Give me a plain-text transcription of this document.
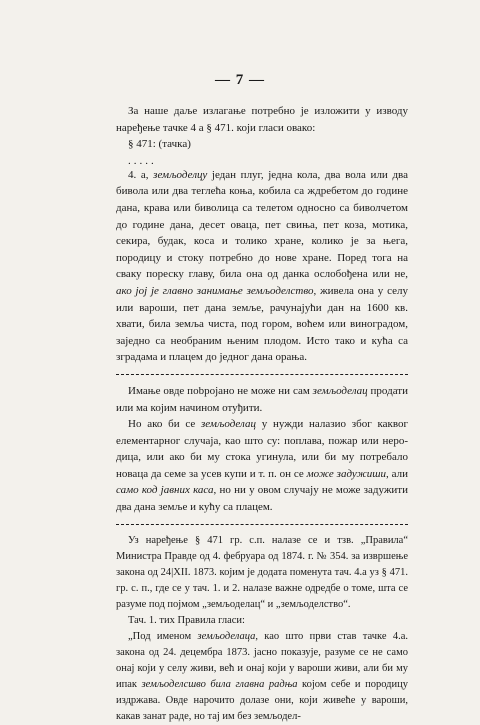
— 7 —

За наше даље излагање потребно је изложити у изводу наређење тачке 4 а § 471. који гласи овако:

§ 471: (тачка)

.....

4. а, земљоделцу један плуг, једна кола, два вола или два бивола или два теглећа коња, кобила са ждребетом до године дана, крава или биволица са телетом односно са биволчетом до године дана, десет оваца, пет свиња, пет коза, мотика, секира, будак, коса и толико хране, колико је за њега, породицу и стоку потребно до нове хране. Поред тога на сваку пореску главу, била она од данка ослобођена или не, ако јој је главно занимање земљоделство, живела она у селу или вароши, пет дана земље, рачунајући дан на 1600 кв. хвати, била земља чиста, под гором, воћем или виноградом, заједно са необраним њеним плодом. Исто тако и кућа са зградама и плацем до једног дана орања.

Имање овде пobројано не може ни сам земљоделац продати или ма којим начином отуђити.

Но ако би се земљоделац у нужди налазио због каквог елементарног случаја, као што су: поплава, пожар или неродица, или ако би му стока угинула, или би му потребало новаца да семе за усев купи и т. п. он се може задужиши, али само код јавних каса, но ни у овом случају не може задужити два дана земље и кућу са плацем.

Уз наређење § 471 гр. с.п. налазе се и тзв. „Правила“ Министра Правде од 4. фебруара од 1874. г. № 354. за извршење закона од 24|XII. 1873. којим је додата поменута тач. 4.а уз § 471. гр. с. п., где се у тач. 1. и 2. налазе важне одредбе о томе, шта се разуме под појмом „земљоделац“ и „земљоделство“.

Тач. 1. тих Правила гласи:

„Под именом земљоделаца, као што први став тачке 4.а. закона од 24. децембра 1873. јасно показује, разуме се не само онај који у селу живи, већ и онај који у вароши живи, али би му ипак земљоделсшво била главна радња којом себе и породицу издржава. Овде нарочито долазе они, који живеће у вароши, какав занат раде, но тај им без земљодел-
